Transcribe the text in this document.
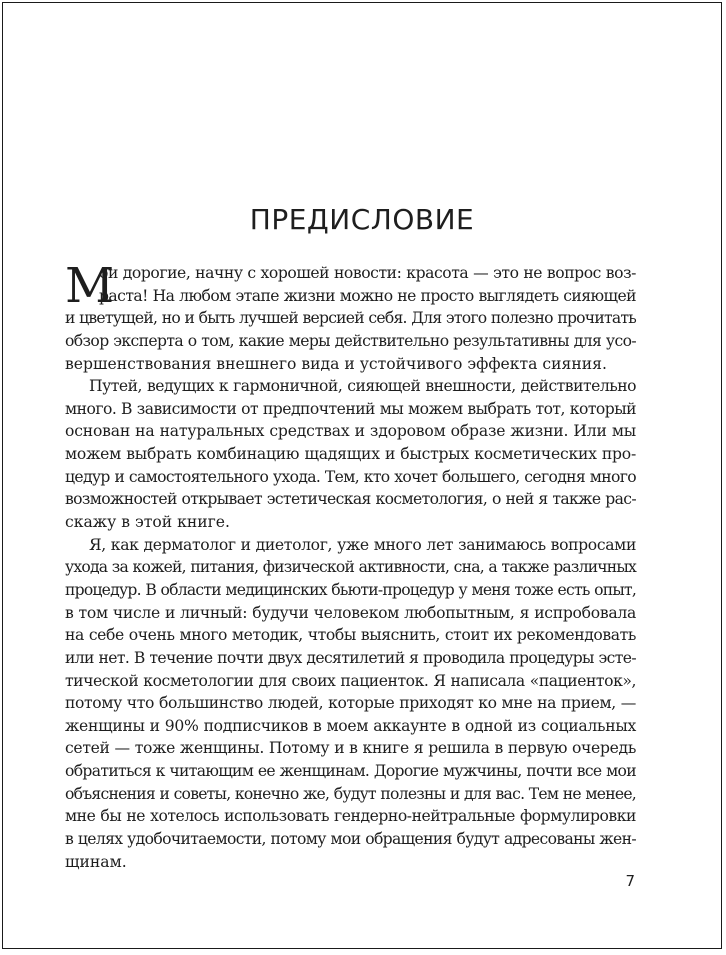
ПРЕДИСЛОВИЕ
М
ои дорогие, начну с хорошей новости: красота — это не вопрос воз-
раста! На любом этапе жизни можно не просто выглядеть сияющей
и цветущей, но и быть лучшей версией себя. Для этого полезно прочитать
обзор эксперта о том, какие меры действительно результативны для усо-
вершенствования внешнего вида и устойчивого эффекта сияния.
Путей, ведущих к гармоничной, сияющей внешности, действительно
много. В зависимости от предпочтений мы можем выбрать тот, который
основан на натуральных средствах и здоровом образе жизни. Или мы
можем выбрать комбинацию щадящих и быстрых косметических про-
цедур и самостоятельного ухода. Тем, кто хочет большего, сегодня много
возможностей открывает эстетическая косметология, о ней я также рас-
скажу в этой книге.
Я, как дерматолог и диетолог, уже много лет занимаюсь вопросами
ухода за кожей, питания, физической активности, сна, а также различных
процедур. В области медицинских бьюти-процедур у меня тоже есть опыт,
в том числе и личный: будучи человеком любопытным, я испробовала
на себе очень много методик, чтобы выяснить, стоит их рекомендовать
или нет. В течение почти двух десятилетий я проводила процедуры эсте-
тической косметологии для своих пациенток. Я написала «пациенток»,
потому что большинство людей, которые приходят ко мне на прием, —
женщины и 90% подписчиков в моем аккаунте в одной из социальных
сетей — тоже женщины. Потому и в книге я решила в первую очередь
обратиться к читающим ее женщинам. Дорогие мужчины, почти все мои
объяснения и советы, конечно же, будут полезны и для вас. Тем не менее,
мне бы не хотелось использовать гендерно-нейтральные формулировки
в целях удобочитаемости, потому мои обращения будут адресованы жен-
щинам.
7
